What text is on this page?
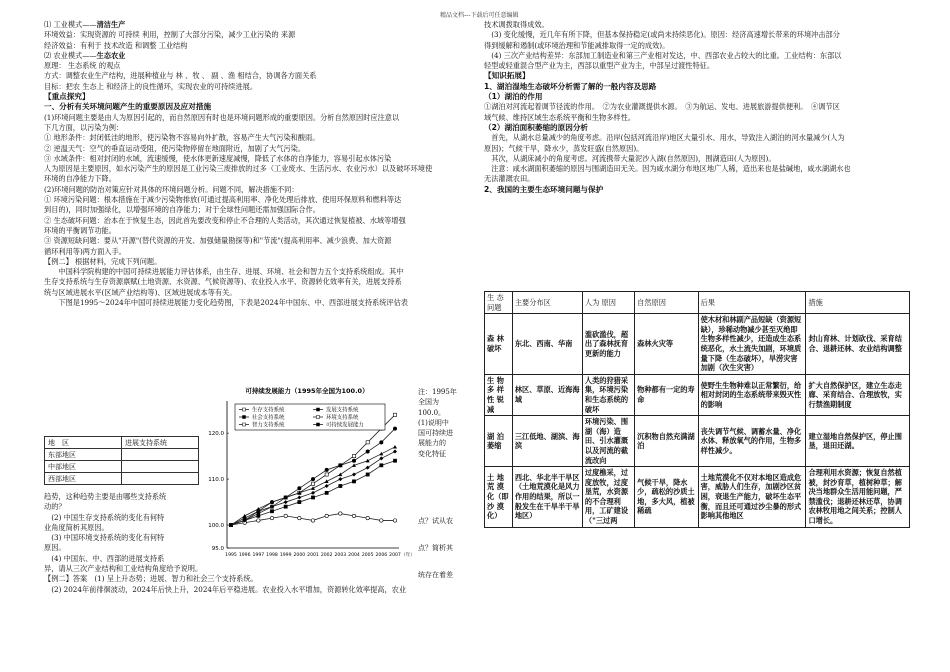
精品文档---下载后可任意编辑

⑴ 工业模式——

清洁生产

环境效益：实现资源的 可持续 利用，控制了大部分污染，减少工业污染的 来源

经济效益：有利于 技术改造 和调整 工业结构

⑵ 农业模式——

生态农业

原理： 生态系统 的观点

方式：调整农业生产结构，进展种植业与 林 、牧 、 副 、渔 相结合，协调各方面关系

目标：把农 生态上 和经济上的良性循环，实现农业的可持续进展。

【重点探究】

一、分析有关环境问题产生的重要原因及应对措施

(1)环境问题主要是由人为原因引起的，而自然原因有时也是环境问题形成的重要原因。分析自然原因时应注意以

下几方面，以污染为例：

① 地形条件：封闭低洼的地形，使污染物不容易向外扩散，容易产生大气污染和酸雨。

② 逆温天气：空气的垂直运动受阻，使污染物停留在地面附近，加剧了大气污染。

③ 水域条件：相对封闭的水域，流速缓慢，使水体更新速度减慢，降低了水体的自净能力，容易引起水体污染

人为原因是主要原因，如水污染产生的原因是工业污染三废排放的过多（工业废水、生活污水、农业污水）以及破坏环境使

环境的自净能力下降。

(2)环境问题的防治对策应针对具体的环境问题分析。问题不同，解决措施不同：

① 环境污染问题：根本措施在于减少污染物排放(可通过提高利用率、净化处理后排放、使用环保原料和燃料等达

到目的)，同时加强绿化，以增强环境的自净能力；对于全球性问题还需加强国际合作。

② 生态破坏问题：治本在于恢复生态，因此首先要改变和停止不合理的人类活动，其次通过恢复植被、水域等增强

环境的平衡调节功能。

③ 资源短缺问题：要从"开源"(替代资源的开发、加强储量勘探等)和"节流"(提高利用率、减少浪费、加大资源

循环利用等)两方面入手。

【例二】 根据材料，完成下列问题。

　　中国科学院构建的中国可持续进展能力评估体系，由生存、进展、环境、社会和智力五个支持系统组成。其中

生存支持系统与生存资源禀赋(土地资源、水资源、气候资源等)、农业投入水平、资源转化效率有关，进展支持系

统与区域进展水平(区域产业结构等)、区域进展成本等有关。

　　下图是1995～2024年中国可持续进展能力变化趋势图，下表是2024年中国东、中、西部进展支持系统评估表

地　区	进展支持系统
东部地区	
中部地区	
西部地区	
可持续发展能力（1995年全国为100.0）
95.0
100.0
110.0
120.0
1995 1996 1997 1998 1999 2000 2001 2002 2003 2004 2005 2006 2007 （年）
生存支持系统
社会支持系统
智力支持系统
发展支持系统
环境支持系统
可持续发展能力

注：1995年

全国为

100.0。

(1)说明中

国可持续进

展能力的

变化特征

趋势，这种趋势主要是由哪些支持系统

动的？

　(2) 中国生存支持系统的变化有何特

业角度简析其原因。

　(3) 中国环境支持系统的变化有何特

原因。

　(4) 中国东、中、西部的进展支持系

异，请从三次产业结构和工业结构角度给予说明。

【例二】答案　(1) 呈上升态势；进展、智力和社会三个支持系统。

　(2) 2024年前徘徊波动，2024年后快上升，2024年后平稳进展。农业投入水平增加，资源转化效率提高，农业

技术调拨取得成效。

　(3) 变化缓慢，近几年有所下降，但基本保持稳定(或尚未持续恶化)。原因：经济高速增长带来的环境冲击部分

得到缓解和遏制(或环境治理和节能减排取得一定的成效)。

　(4) 三次产业结构差异：东部加工制造业和第三产业相对发达，中、西部农业占较大的比重。工业结构：东部以

轻型或轻重混合型产业为主，西部以重型产业为主，中部呈过渡性特征。

【知识拓展】

1、湖泊湿地生态破坏分析需了解的一般内容及思路

（1）湖泊的作用

①湖泊对河流起着调节径流的作用。　②为农业灌溉提供水源。　③为航运、发电、进展旅游提供便利。　④调节区

域气候、维持区域生态系统平衡和生物多样性。

（2）湖泊面积萎缩的原因分析

　首先，从湖水总量减少的角度考虑。沿岸(包括河流沿岸)地区大量引水、用水，导致注入湖泊的河水量减少(人为

原因)；气候干旱，降水少，蒸发旺盛(自然原因)。

　其次，从湖床减小的角度考虑。河流携带大量泥沙入湖(自然原因)，围湖造田(人为原因)。

　注意：咸水湖面积萎缩的原因与围湖造田无关。因为咸水湖分布地区地广人稀，造出来也是盐碱地，咸水湖湖水也

无法灌溉农田。

2、我国的主要生态环境问题与保护

生 态 问题	主要分布区	人为 原因	自然原因	后果	措施
森 林 破坏	东北、西南、华南	滥砍滥伐，超出了森林抚育更新的能力	森林火灾等	使木材和林副产品短缺（资源短缺），珍稀动物减少甚至灭绝即生物多样性减少，还造成生态系统恶化，水土流失加剧，环境质量下降（生态破坏），旱涝灾害加剧（次生灾害）	封山育林、计划砍伐、采育结合、退耕还林、农业结构调整
生 物 多 样 性 锐 减	林区、草原、近海海域	人类的狩猎采集，环境污染和生态系统的破坏	物种都有一定的寿命	使野生生物种难以正常繁衍，给相对封闭的生态系统带来毁灭性的影响	扩大自然保护区，建立生态走廊、采育结合、合理放牧，实行禁渔期制度
湖 泊 萎缩	三江低地、湖滨、海滨	环境污染、围湖（海）造田、引水灌溉以及河流的截流改向	沉积物自然充满湖泊	丧失调节气候、调蓄水量、净化水体、释放氧气的作用，生物多样性减少。	建立湿地自然保护区，停止围垦，退田还湖。
土 地 荒 漠 化（即 沙 漠 化）	西北、华北半干旱区（土地荒漠化是风力作用的结果，所以一般发生在干旱半干旱地区）	过度樵采，过度放牧，过度垦荒，水资源的不合理利用，工矿建设（"三过两	气候干旱，降水少，疏松的沙质土地，多大风，植被稀疏	土地荒漠化不仅对本地区造成危害，威胁人们生存，加剧沙区贫困，衰退生产能力，破坏生态平衡，而且还可通过沙尘暴的形式影响其他地区	合理利用水资源；恢复自然植被，封沙育草，植树种草；解决当地群众生活用能问题，严禁滥伐；退耕还林还草，协调农林牧用地之间关系；控制人口增长。
点？试从农
点？简析其
统存在着差
